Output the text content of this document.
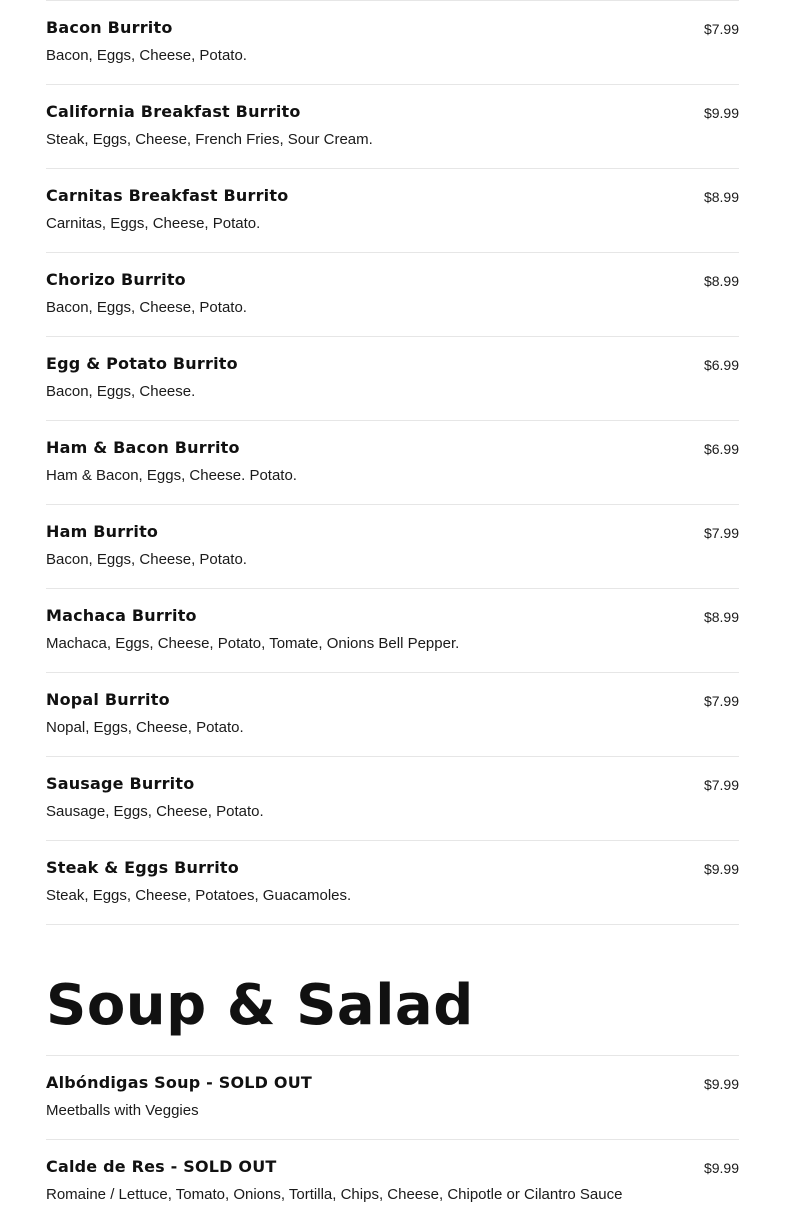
Bacon Burrito
Bacon, Eggs, Cheese, Potato.
$7.99
California Breakfast Burrito
Steak, Eggs, Cheese, French Fries, Sour Cream.
$9.99
Carnitas Breakfast Burrito
Carnitas, Eggs, Cheese, Potato.
$8.99
Chorizo Burrito
Bacon, Eggs, Cheese, Potato.
$8.99
Egg & Potato Burrito
Bacon, Eggs, Cheese.
$6.99
Ham & Bacon Burrito
Ham & Bacon, Eggs, Cheese. Potato.
$6.99
Ham Burrito
Bacon, Eggs, Cheese, Potato.
$7.99
Machaca Burrito
Machaca, Eggs, Cheese, Potato, Tomate, Onions Bell Pepper.
$8.99
Nopal Burrito
Nopal, Eggs, Cheese, Potato.
$7.99
Sausage Burrito
Sausage, Eggs, Cheese, Potato.
$7.99
Steak & Eggs Burrito
Steak, Eggs, Cheese, Potatoes, Guacamoles.
$9.99
Soup & Salad
Albóndigas Soup - SOLD OUT
Meetballs with Veggies
$9.99
Calde de Res - SOLD OUT
Romaine / Lettuce, Tomato, Onions, Tortilla, Chips, Cheese, Chipotle or Cilantro Sauce
$9.99
